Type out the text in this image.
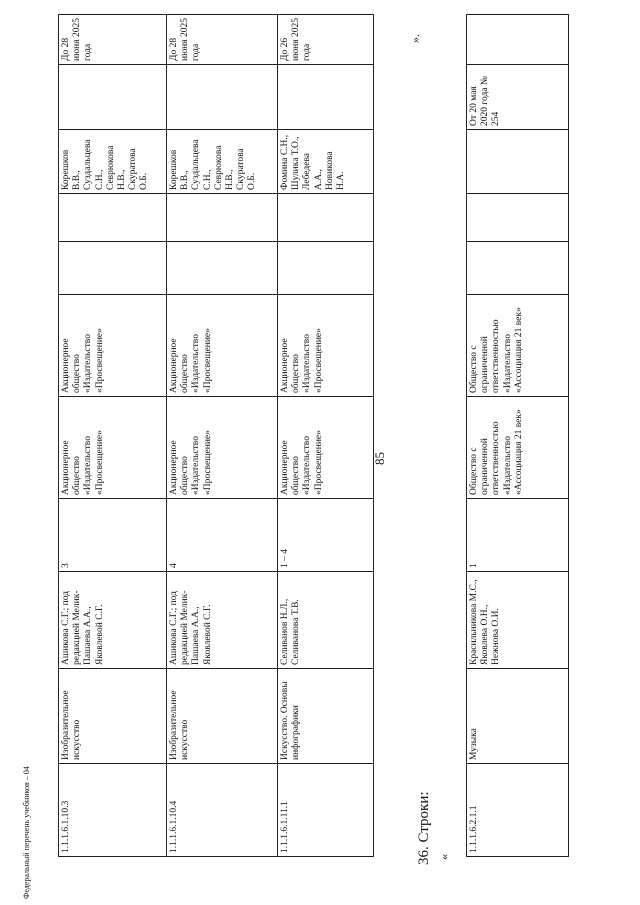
85
Федеральный перечень учебников – 04	1.1.1.6.1.10.3	Изобразительное искусство	Ашикова С.Г.; под редакцией Мелик-Пашаева А.А., Яковлевой С.Г.	3	Акционерное общество «Издательство «Просвещение»	Акционерное общество «Издательство «Просвещение»			Корешков В.В., Суздальцева С.Н., Севрюкова Н.В., Скуратова О.Б.		До 28 июня 2025 года
1.1.1.6.1.10.4	Изобразительное искусство	Ашикова С.Г.; под редакцией Мелик-Пашаева А.А., Яковлевой С.Г.	4	Акционерное общество «Издательство «Просвещение»	Акционерное общество «Издательство «Просвещение»			Корешков В.В., Суздальцева С.Н., Севрюкова Н.В., Скуратова О.Б.		До 28 июня 2025 года
1.1.1.6.1.11.1	Искусство. Основы инфографики	Селиванов Н.Л., Селиванова Т.В.	1 – 4	Акционерное общество «Издательство «Просвещение»	Акционерное общество «Издательство «Просвещение»			Фомина С.Н., Шулика Т.О., Лебедева А.А., Новикова Н.А.		До 26 июня 2025 года
».
36. Строки: «
1.1.1.6.2.1.1	Музыка	Красильникова М.С., Яковлева О.Н., Нежнова О.И.	1	Общество с ограниченной ответственностью «Издательство «Ассоциация 21 век»	Общество с ограниченной ответственностью «Издательство «Ассоциация 21 век»				От 20 мая 2020 года № 254	
